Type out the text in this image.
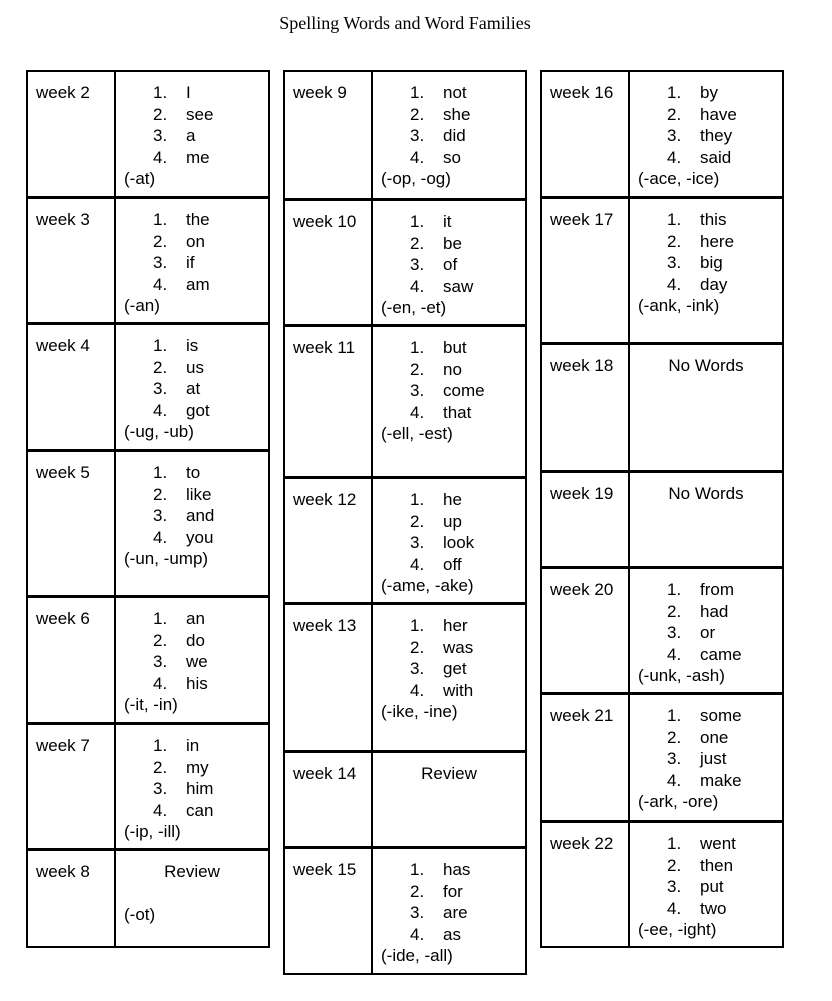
Spelling Words and Word Families
week 2	1. I
2. see
3. a
4. me
(-at)
week 3	1. the
2. on
3. if
4. am
(-an)
week 4	1. is
2. us
3. at
4. got
(-ug, -ub)
week 5	1. to
2. like
3. and
4. you
(-un, -ump)
week 6	1. an
2. do
3. we
4. his
(-it, -in)
week 7	1. in
2. my
3. him
4. can
(-ip, -ill)
week 8	Review
(-ot)
week 9	1. not
2. she
3. did
4. so
(-op, -og)
week 10	1. it
2. be
3. of
4. saw
(-en, -et)
week 11	1. but
2. no
3. come
4. that
(-ell, -est)
week 12	1. he
2. up
3. look
4. off
(-ame, -ake)
week 13	1. her
2. was
3. get
4. with
(-ike, -ine)
week 14	Review
week 15	1. has
2. for
3. are
4. as
(-ide, -all)
week 16	1. by
2. have
3. they
4. said
(-ace, -ice)
week 17	1. this
2. here
3. big
4. day
(-ank, -ink)
week 18	No Words
week 19	No Words
week 20	1. from
2. had
3. or
4. came
(-unk, -ash)
week 21	1. some
2. one
3. just
4. make
(-ark, -ore)
week 22	1. went
2. then
3. put
4. two
(-ee, -ight)
